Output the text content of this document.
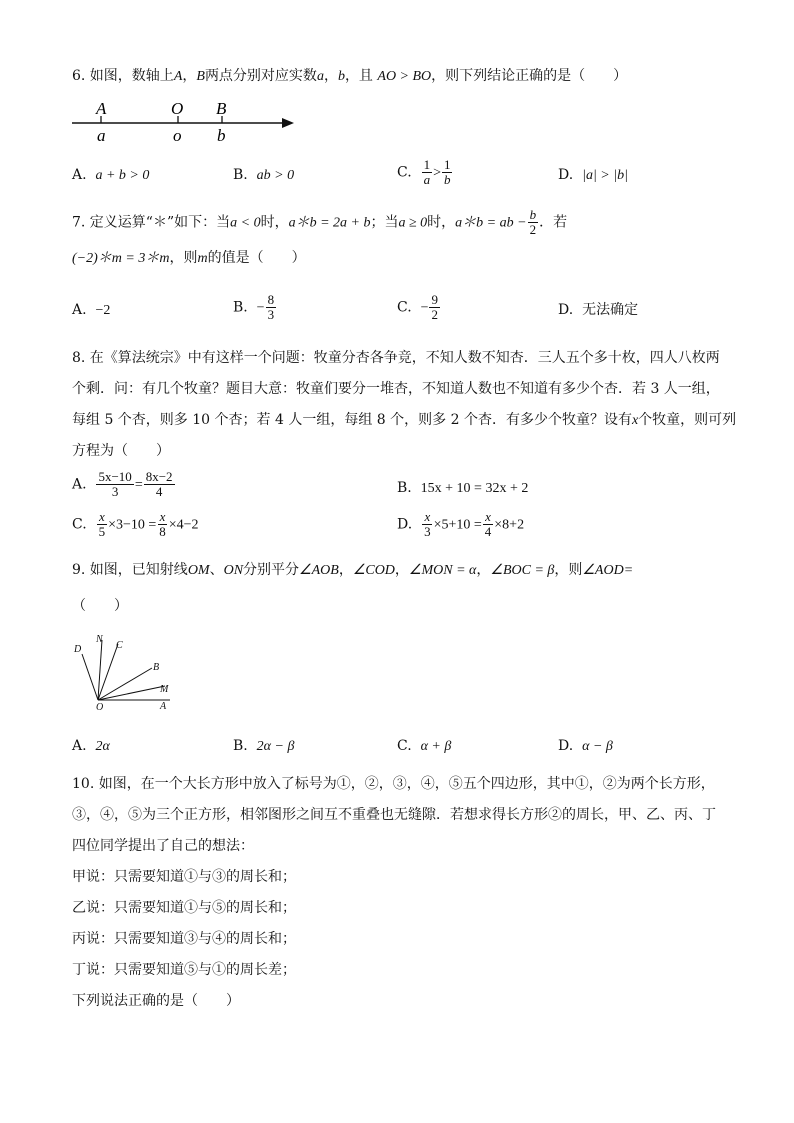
6. 如图，数轴上A，B两点分别对应实数a，b，且 AO > BO，则下列结论正确的是（　　）
A	O B
a	o b
A. a + b > 0	B. ab > 0	C. $\frac{1}{a} > \frac{1}{b}$	D. |a| > |b|
7. 定义运算“＊”如下：当a < 0时，a＊b = 2a + b；当a ≥ 0时，a＊b = ab − $\frac{b}{2}$ ．若
(−2)＊m = 3＊m，则m的值是（　　）
A. −2	B. − $\frac{8}{3}$	C. − $\frac{9}{2}$	D. 无法确定
8. 在《算法统宗》中有这样一个问题：牧童分杏各争竞，不知人数不知杏．三人五个多十枚，四人八枚两
个剩．问：有几个牧童？题目大意：牧童们要分一堆杏，不知道人数也不知道有多少个杏．若 3 人一组，
每组 5 个杏，则多 10 个杏；若 4 人一组，每组 8 个，则多 2 个杏．有多少个牧童？设有x个牧童，则可列
方程为（　　）
A. $\frac{5x-10}{3} = \frac{8x-2}{4}$	B. 15x + 10 = 32x + 2
C. $\frac{x}{5} \times 3-10 = \frac{x}{8} \times 4-2$	D. $\frac{x}{3} \times 5+10 = \frac{x}{4} \times 8+2$
9. 如图，已知射线OM、ON分别平分∠AOB，∠COD，∠MON = α，∠BOC = β，则∠AOD=
（　　）
D
N
C
B
M
O	A
A. 2α	B. 2α − β	C. α + β	D. α − β
10. 如图，在一个大长方形中放入了标号为①，②，③，④，⑤五个四边形，其中①，②为两个长方形，
③，④，⑤为三个正方形，相邻图形之间互不重叠也无缝隙．若想求得长方形②的周长，甲、乙、丙、丁
四位同学提出了自己的想法：
甲说：只需要知道①与③的周长和；
乙说：只需要知道①与⑤的周长和；
丙说：只需要知道③与④的周长和；
丁说：只需要知道⑤与①的周长差；
下列说法正确的是（　　）
